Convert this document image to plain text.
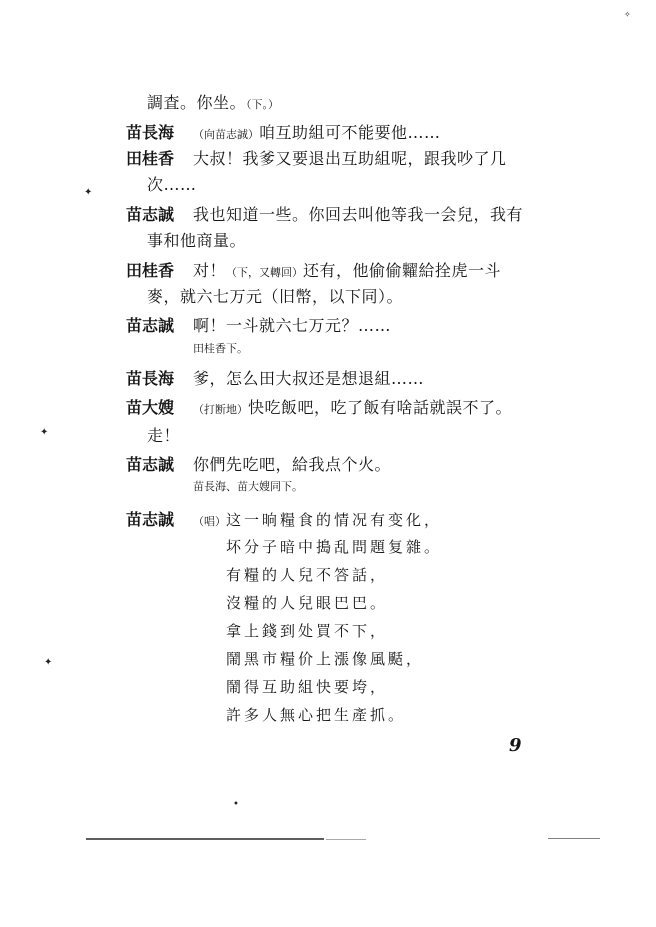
調査。你坐。（下。）
苗長海 （向苗志誠）咱互助組可不能要他……
田桂香 大叔！我爹又要退出互助組呢，跟我吵了几
次……
苗志誠 我也知道一些。你回去叫他等我一会兒，我有
事和他商量。
田桂香 对！（下，又轉回）还有，他偷偷糶給拴虎一斗
麥，就六七万元（旧幣，以下同）。
苗志誠 啊！一斗就六七万元？……
田桂香下。
苗長海 爹，怎么田大叔还是想退組……
苗大嫂 （打断地）快吃飯吧，吃了飯有啥話就誤不了。
走！
苗志誠 你們先吃吧，給我点个火。
苗長海、苗大嫂同下。
苗志誠 （唱）这一晌糧食的情况有变化，
坏分子暗中搗乱問題复雜。
有糧的人兒不答話，
沒糧的人兒眼巴巴。
拿上錢到处買不下，
鬧黑市糧价上漲像風颳，
鬧得互助組快要垮，
許多人無心把生產抓。
9
✦
✦
✦
•
✧
